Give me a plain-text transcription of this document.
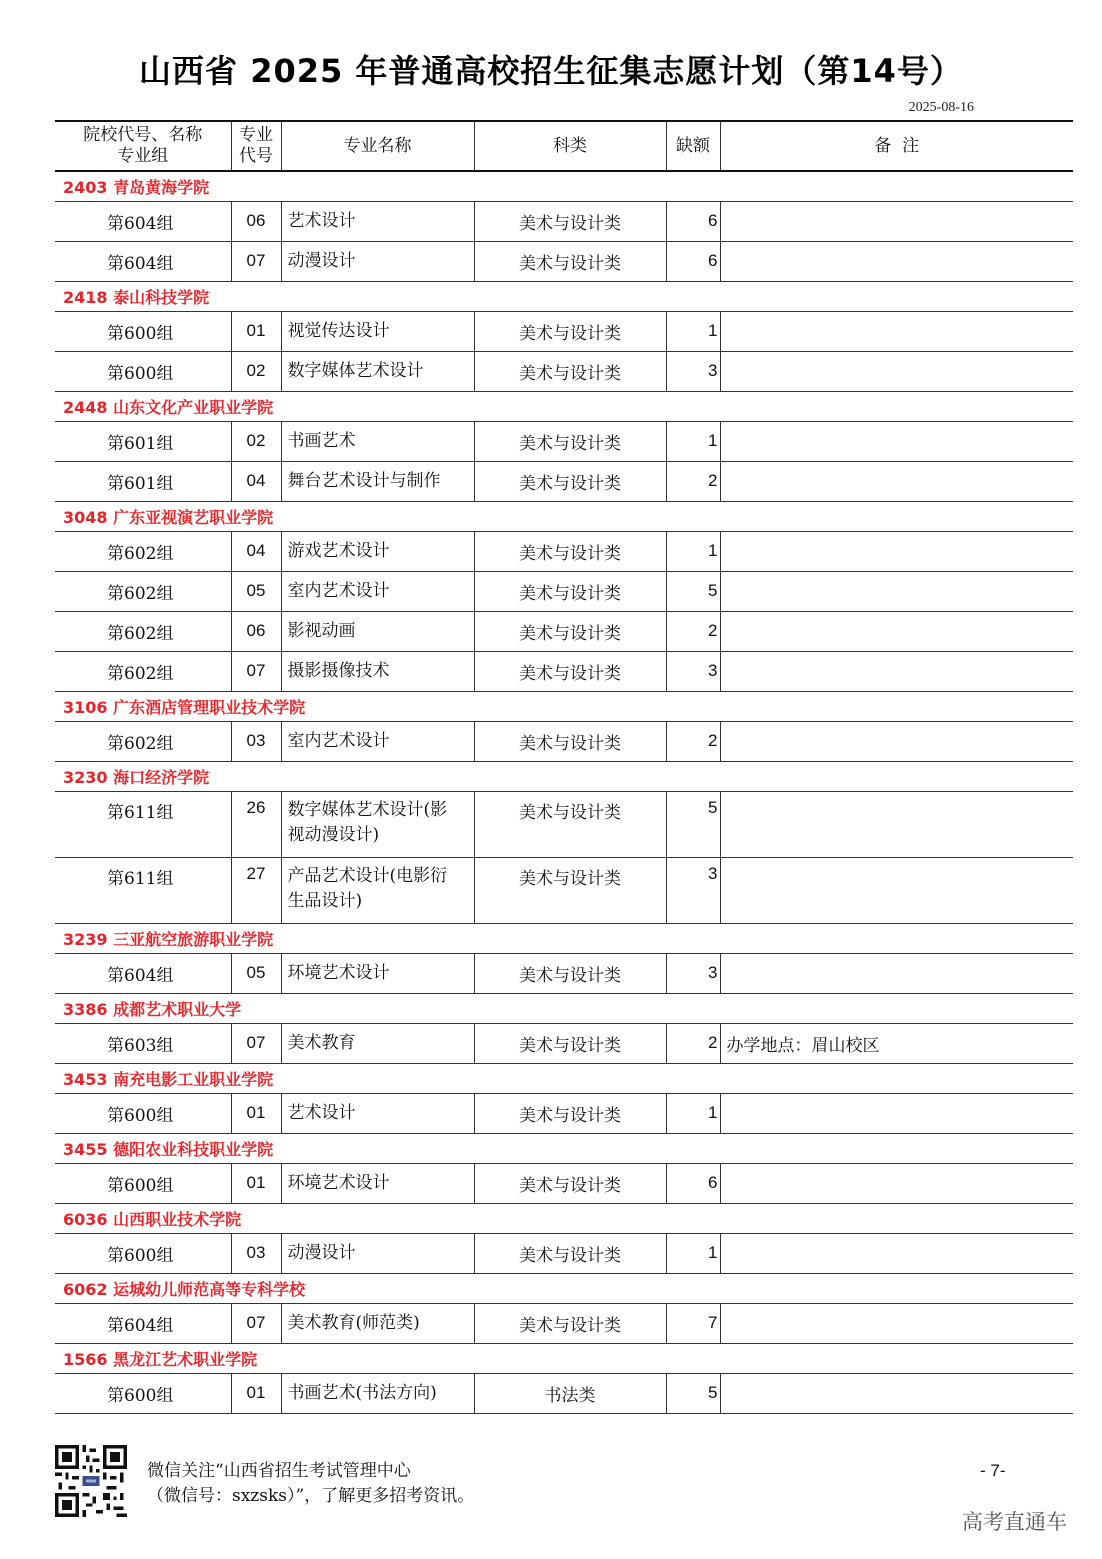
山西省 2025 年普通高校招生征集志愿计划（第14号）
2025-08-16
院校代号、名称
专业组	专业
代号	专业名称	科类	缺额	备  注
2403 青岛黄海学院					
第604组	06	艺术设计	美术与设计类	6	
第604组	07	动漫设计	美术与设计类	6	
2418 泰山科技学院					
第600组	01	视觉传达设计	美术与设计类	1	
第600组	02	数字媒体艺术设计	美术与设计类	3	
2448 山东文化产业职业学院					
第601组	02	书画艺术	美术与设计类	1	
第601组	04	舞台艺术设计与制作	美术与设计类	2	
3048 广东亚视演艺职业学院					
第602组	04	游戏艺术设计	美术与设计类	1	
第602组	05	室内艺术设计	美术与设计类	5	
第602组	06	影视动画	美术与设计类	2	
第602组	07	摄影摄像技术	美术与设计类	3	
3106 广东酒店管理职业技术学院					
第602组	03	室内艺术设计	美术与设计类	2	
3230 海口经济学院					
第611组	26	数字媒体艺术设计(影
视动漫设计)	美术与设计类	5	
第611组	27	产品艺术设计(电影衍
生品设计)	美术与设计类	3	
3239 三亚航空旅游职业学院					
第604组	05	环境艺术设计	美术与设计类	3	
3386 成都艺术职业大学					
第603组	07	美术教育	美术与设计类	2	办学地点：眉山校区
3453 南充电影工业职业学院					
第600组	01	艺术设计	美术与设计类	1	
3455 德阳农业科技职业学院					
第600组	01	环境艺术设计	美术与设计类	6	
6036 山西职业技术学院					
第600组	03	动漫设计	美术与设计类	1	
6062 运城幼儿师范高等专科学校					
第604组	07	美术教育(师范类)	美术与设计类	7	
1566 黑龙江艺术职业学院					
第600组	01	书画艺术(书法方向)	书法类	5	
微信关注“山西省招生考试管理中心
（微信号：sxzsks）”，了解更多招考资讯。
- 7-
高考直通车
